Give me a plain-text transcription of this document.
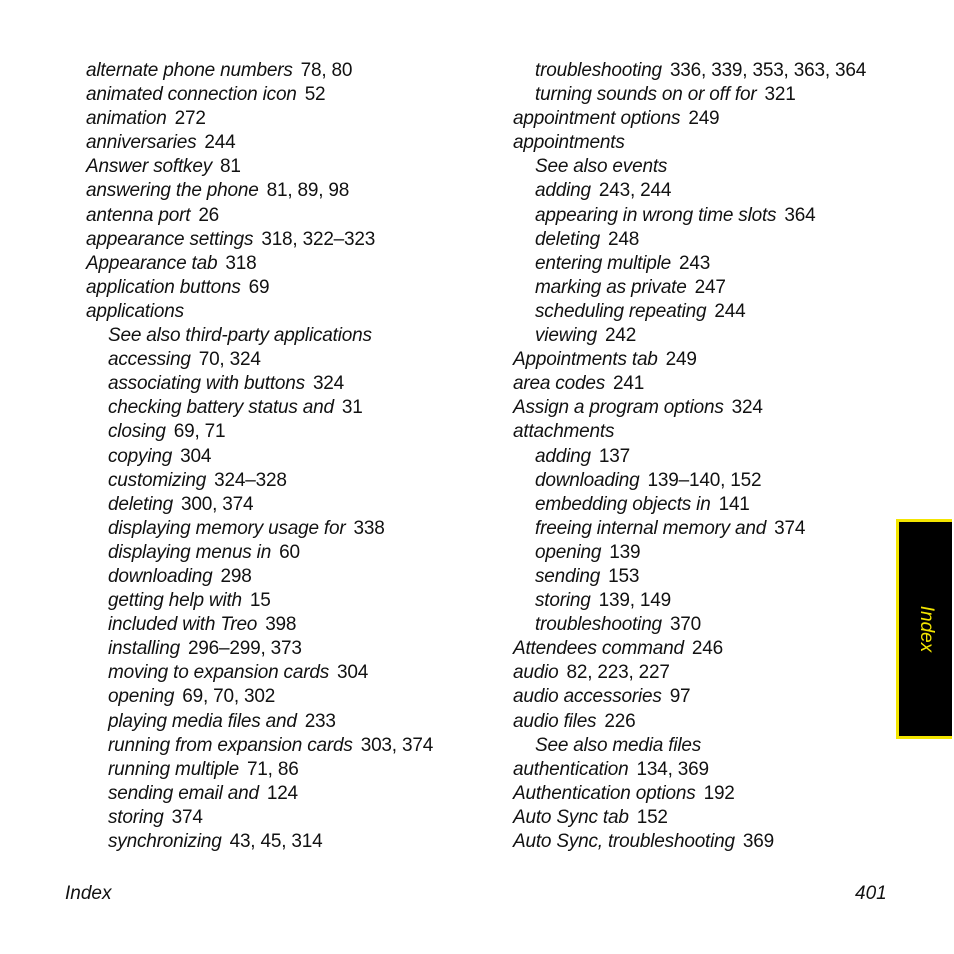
alternate phone numbers 78, 80
animated connection icon 52
animation 272
anniversaries 244
Answer softkey 81
answering the phone 81, 89, 98
antenna port 26
appearance settings 318, 322–323
Appearance tab 318
application buttons 69
applications
See also third-party applications
accessing 70, 324
associating with buttons 324
checking battery status and 31
closing 69, 71
copying 304
customizing 324–328
deleting 300, 374
displaying memory usage for 338
displaying menus in 60
downloading 298
getting help with 15
included with Treo 398
installing 296–299, 373
moving to expansion cards 304
opening 69, 70, 302
playing media files and 233
running from expansion cards 303, 374
running multiple 71, 86
sending email and 124
storing 374
synchronizing 43, 45, 314
troubleshooting 336, 339, 353, 363, 364
turning sounds on or off for 321
appointment options 249
appointments
See also events
adding 243, 244
appearing in wrong time slots 364
deleting 248
entering multiple 243
marking as private 247
scheduling repeating 244
viewing 242
Appointments tab 249
area codes 241
Assign a program options 324
attachments
adding 137
downloading 139–140, 152
embedding objects in 141
freeing internal memory and 374
opening 139
sending 153
storing 139, 149
troubleshooting 370
Attendees command 246
audio 82, 223, 227
audio accessories 97
audio files 226
See also media files
authentication 134, 369
Authentication options 192
Auto Sync tab 152
Auto Sync, troubleshooting 369
Index	401
Index
